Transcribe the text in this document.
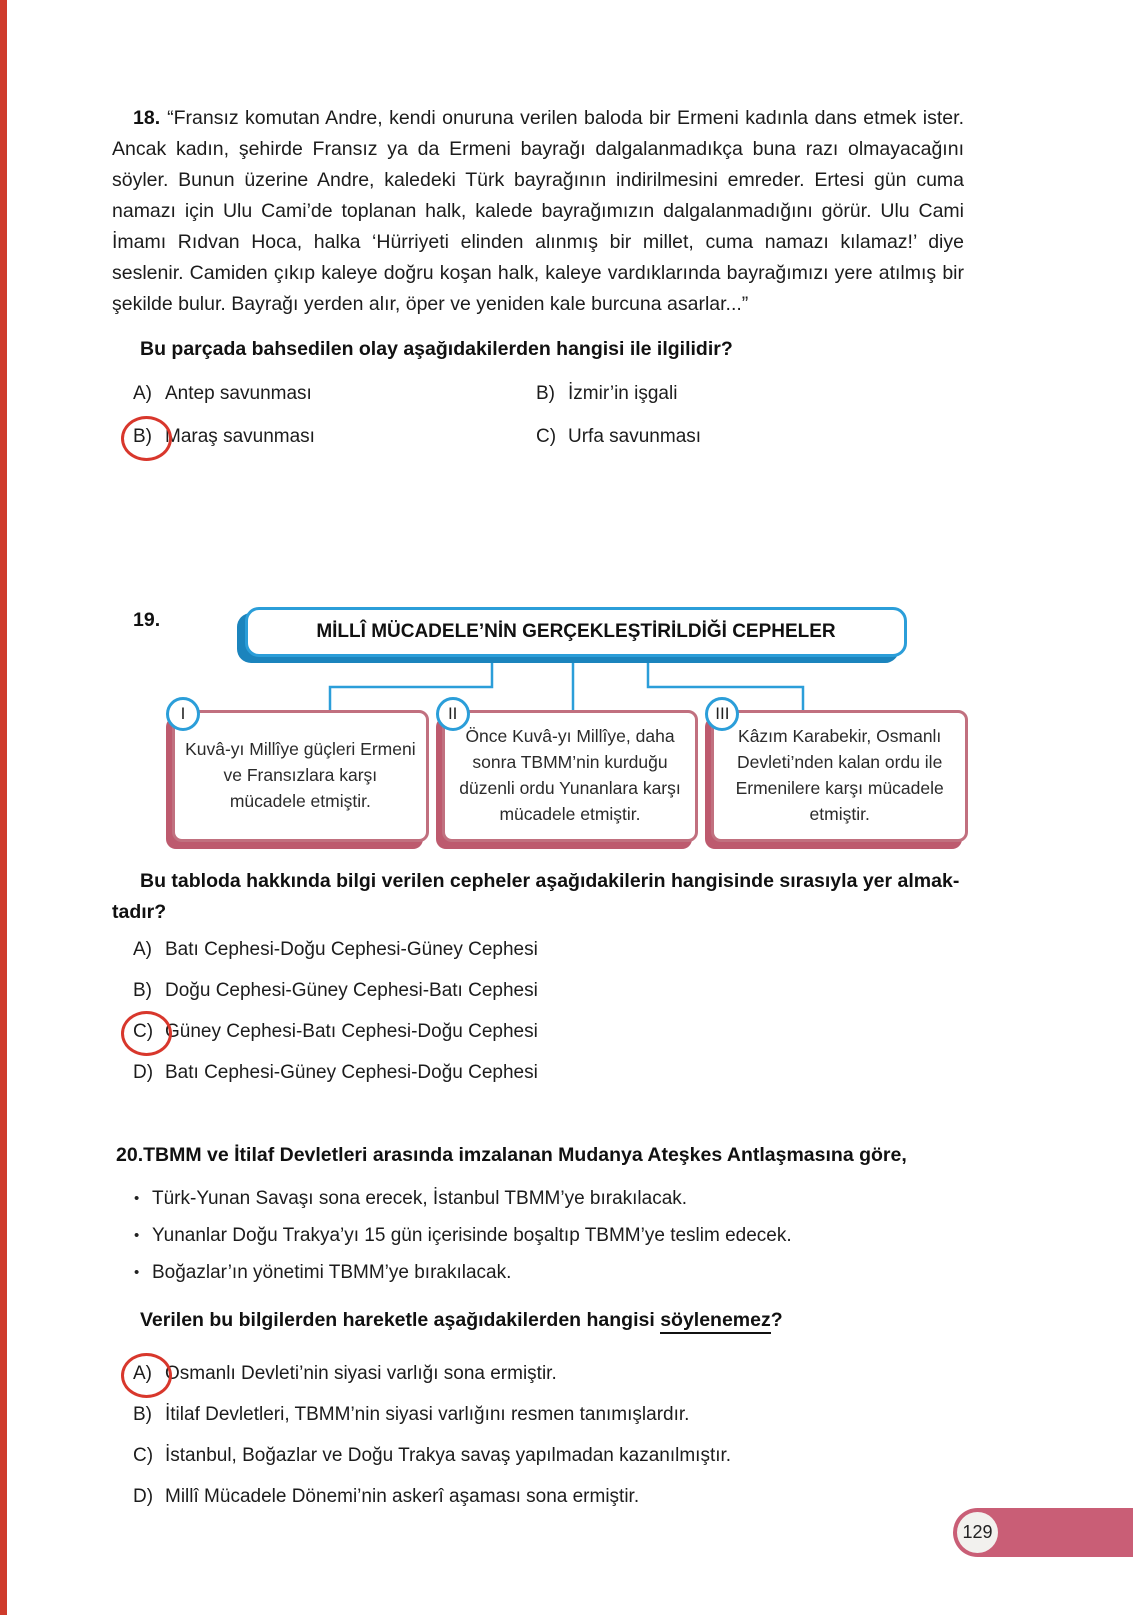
18. “Fransız komutan Andre, kendi onuruna verilen baloda bir Ermeni kadınla dans etmek ister. Ancak kadın, şehirde Fransız ya da Ermeni bayrağı dalgalanmadıkça buna razı olmayacağını söyler. Bunun üzerine Andre, kaledeki Türk bayrağının indirilmesini emreder. Ertesi gün cuma namazı için Ulu Cami’de toplanan halk, kalede bayrağımızın dalgalanmadığını görür. Ulu Cami İmamı Rıdvan Hoca, halka ‘Hürriyeti elinden alınmış bir millet, cuma namazı kılamaz!’ diye seslenir. Camiden çıkıp kaleye doğru koşan halk, kaleye vardıklarında bayrağımızı yere atılmış bir şekilde bulur. Bayrağı yerden alır, öper ve yeniden kale burcuna asarlar...”

Bu parçada bahsedilen olay aşağıdakilerden hangisi ile ilgilidir?

A) Antep savunması	B) İzmir’in işgali
B) Maraş savunması	C) Urfa savunması
19.
MİLLÎ MÜCADELE’NİN GERÇEKLEŞTİRİLDİĞİ CEPHELER
I
Kuvâ-yı Millîye güçleri Ermeni ve Fransızlara karşı mücadele etmiştir.
II
Önce Kuvâ-yı Millîye, daha sonra TBMM’nin kurduğu düzenli ordu Yunanlara karşı mücadele etmiştir.
III
Kâzım Karabekir, Osmanlı Devleti’nden kalan ordu ile Ermenilere karşı mücadele etmiştir.

Bu tabloda hakkında bilgi verilen cepheler aşağıdakilerin hangisinde sırasıyla yer almak-
tadır?

A) Batı Cephesi-Doğu Cephesi-Güney Cephesi
B) Doğu Cephesi-Güney Cephesi-Batı Cephesi
C) Güney Cephesi-Batı Cephesi-Doğu Cephesi
D) Batı Cephesi-Güney Cephesi-Doğu Cephesi

20.TBMM ve İtilaf Devletleri arasında imzalanan Mudanya Ateşkes Antlaşmasına göre,

• Türk-Yunan Savaşı sona erecek, İstanbul TBMM’ye bırakılacak.
• Yunanlar Doğu Trakya’yı 15 gün içerisinde boşaltıp TBMM’ye teslim edecek.
• Boğazlar’ın yönetimi TBMM’ye bırakılacak.

Verilen bu bilgilerden hareketle aşağıdakilerden hangisi söylenemez?

A) Osmanlı Devleti’nin siyasi varlığı sona ermiştir.
B) İtilaf Devletleri, TBMM’nin siyasi varlığını resmen tanımışlardır.
C) İstanbul, Boğazlar ve Doğu Trakya savaş yapılmadan kazanılmıştır.
D) Millî Mücadele Dönemi’nin askerî aşaması sona ermiştir.
129
